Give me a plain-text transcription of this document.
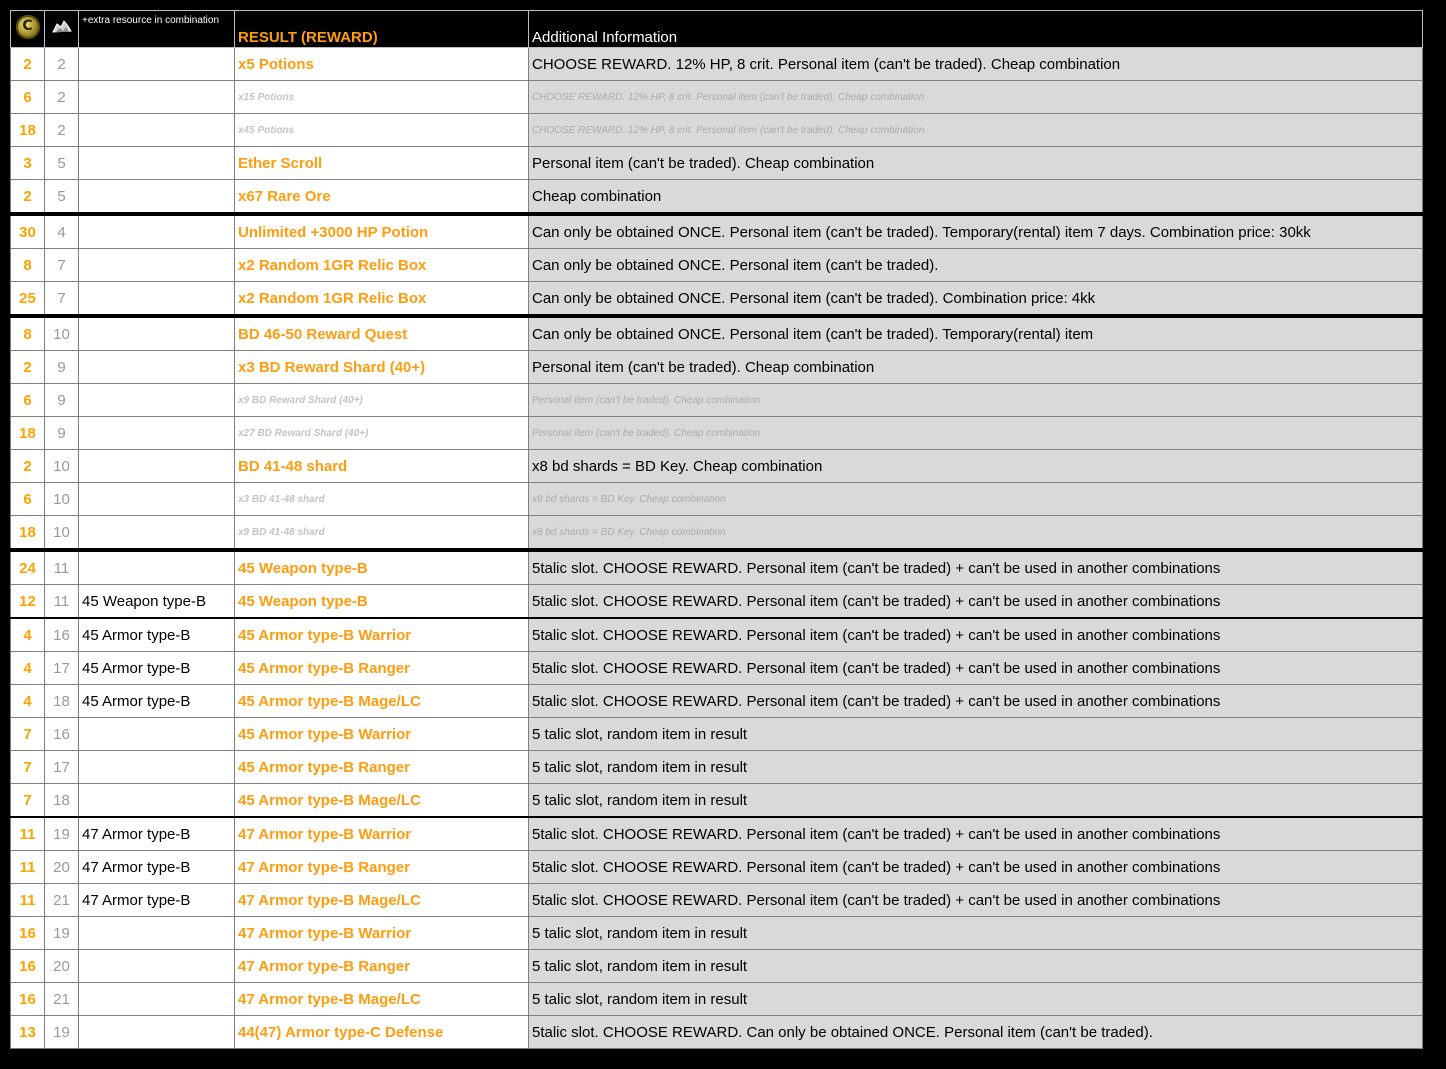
C		+extra resource in combination	RESULT (REWARD)	Additional Information
2	2		x5 Potions	CHOOSE REWARD. 12% HP, 8 crit. Personal item (can't be traded). Cheap combination
6	2		x15 Potions	CHOOSE REWARD. 12% HP, 8 crit. Personal item (can't be traded). Cheap combination
18	2		x45 Potions	CHOOSE REWARD. 12% HP, 8 crit. Personal item (can't be traded). Cheap combination
3	5		Ether Scroll	Personal item (can't be traded). Cheap combination
2	5		x67 Rare Ore	Cheap combination
30	4		Unlimited +3000 HP Potion	Can only be obtained ONCE. Personal item (can't be traded). Temporary(rental) item 7 days. Combination price: 30kk
8	7		x2 Random 1GR Relic Box	Can only be obtained ONCE. Personal item (can't be traded).
25	7		x2 Random 1GR Relic Box	Can only be obtained ONCE. Personal item (can't be traded). Combination price: 4kk
8	10		BD 46-50 Reward Quest	Can only be obtained ONCE. Personal item (can't be traded). Temporary(rental) item
2	9		x3 BD Reward Shard (40+)	Personal item (can't be traded). Cheap combination
6	9		x9 BD Reward Shard (40+)	Personal item (can't be traded). Cheap combination
18	9		x27 BD Reward Shard (40+)	Personal item (can't be traded). Cheap combination
2	10		BD 41-48 shard	x8 bd shards = BD Key. Cheap combination
6	10		x3 BD 41-48 shard	x8 bd shards = BD Key. Cheap combination
18	10		x9 BD 41-48 shard	x8 bd shards = BD Key. Cheap combination
24	11		45 Weapon type-B	5talic slot. CHOOSE REWARD. Personal item (can't be traded) + can't be used in another combinations
12	11	45 Weapon type-B	45 Weapon type-B	5talic slot. CHOOSE REWARD. Personal item (can't be traded) + can't be used in another combinations
4	16	45 Armor type-B	45 Armor type-B Warrior	5talic slot. CHOOSE REWARD. Personal item (can't be traded) + can't be used in another combinations
4	17	45 Armor type-B	45 Armor type-B Ranger	5talic slot. CHOOSE REWARD. Personal item (can't be traded) + can't be used in another combinations
4	18	45 Armor type-B	45 Armor type-B Mage/LC	5talic slot. CHOOSE REWARD. Personal item (can't be traded) + can't be used in another combinations
7	16		45 Armor type-B Warrior	5 talic slot, random item in result
7	17		45 Armor type-B Ranger	5 talic slot, random item in result
7	18		45 Armor type-B Mage/LC	5 talic slot, random item in result
11	19	47 Armor type-B	47 Armor type-B Warrior	5talic slot. CHOOSE REWARD. Personal item (can't be traded) + can't be used in another combinations
11	20	47 Armor type-B	47 Armor type-B Ranger	5talic slot. CHOOSE REWARD. Personal item (can't be traded) + can't be used in another combinations
11	21	47 Armor type-B	47 Armor type-B Mage/LC	5talic slot. CHOOSE REWARD. Personal item (can't be traded) + can't be used in another combinations
16	19		47 Armor type-B Warrior	5 talic slot, random item in result
16	20		47 Armor type-B Ranger	5 talic slot, random item in result
16	21		47 Armor type-B Mage/LC	5 talic slot, random item in result
13	19		44(47) Armor type-C Defense	5talic slot. CHOOSE REWARD. Can only be obtained ONCE. Personal item (can't be traded).
